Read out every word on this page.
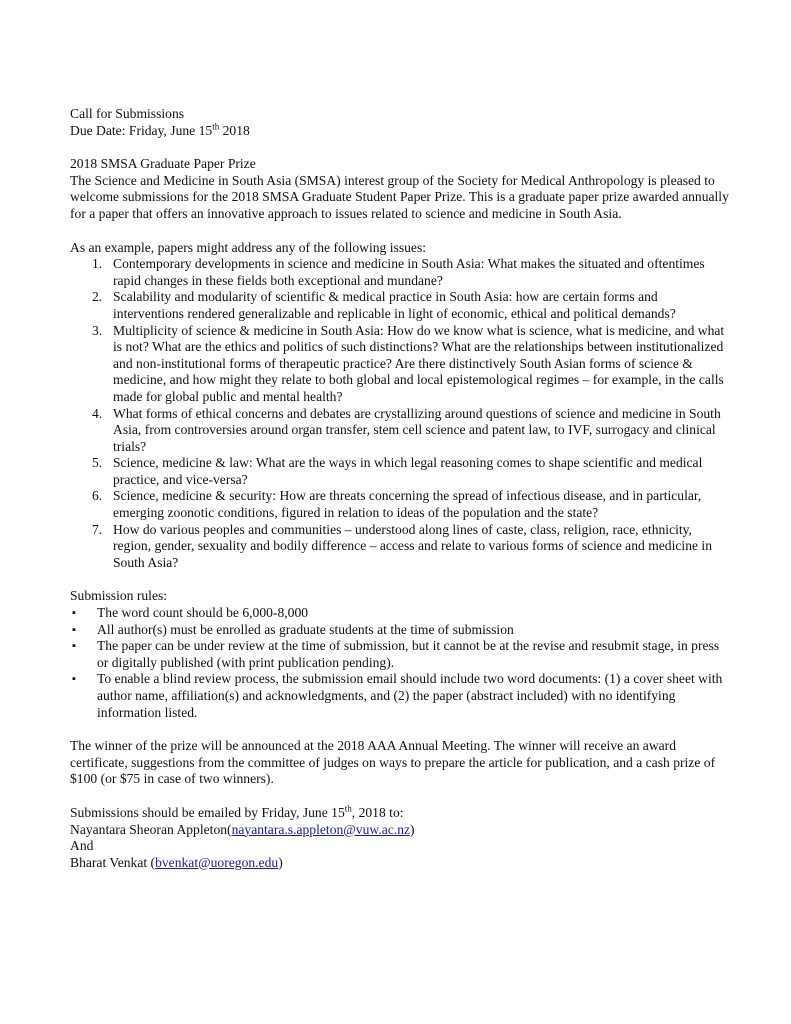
Call for Submissions

Due Date: Friday, June 15th 2018

2018 SMSA Graduate Paper Prize

The Science and Medicine in South Asia (SMSA) interest group of the Society for Medical Anthropology is pleased to welcome submissions for the 2018 SMSA Graduate Student Paper Prize. This is a graduate paper prize awarded annually for a paper that offers an innovative approach to issues related to science and medicine in South Asia.

As an example, papers might address any of the following issues:

1. Contemporary developments in science and medicine in South Asia: What makes the situated and oftentimes rapid changes in these fields both exceptional and mundane?
2. Scalability and modularity of scientific & medical practice in South Asia: how are certain forms and interventions rendered generalizable and replicable in light of economic, ethical and political demands?
3. Multiplicity of science & medicine in South Asia: How do we know what is science, what is medicine, and what is not? What are the ethics and politics of such distinctions? What are the relationships between institutionalized and non-institutional forms of therapeutic practice? Are there distinctively South Asian forms of science & medicine, and how might they relate to both global and local epistemological regimes – for example, in the calls made for global public and mental health?
4. What forms of ethical concerns and debates are crystallizing around questions of science and medicine in South Asia, from controversies around organ transfer, stem cell science and patent law, to IVF, surrogacy and clinical trials?
5. Science, medicine & law: What are the ways in which legal reasoning comes to shape scientific and medical practice, and vice-versa?
6. Science, medicine & security: How are threats concerning the spread of infectious disease, and in particular, emerging zoonotic conditions, figured in relation to ideas of the population and the state?
7. How do various peoples and communities – understood along lines of caste, class, religion, race, ethnicity, region, gender, sexuality and bodily difference – access and relate to various forms of science and medicine in South Asia?

Submission rules:

▪ The word count should be 6,000-8,000
▪ All author(s) must be enrolled as graduate students at the time of submission
▪ The paper can be under review at the time of submission, but it cannot be at the revise and resubmit stage, in press or digitally published (with print publication pending).
▪ To enable a blind review process, the submission email should include two word documents: (1) a cover sheet with author name, affiliation(s) and acknowledgments, and (2) the paper (abstract included) with no identifying information listed.

The winner of the prize will be announced at the 2018 AAA Annual Meeting. The winner will receive an award certificate, suggestions from the committee of judges on ways to prepare the article for publication, and a cash prize of $100 (or $75 in case of two winners).

Submissions should be emailed by Friday, June 15th, 2018 to:

Nayantara Sheoran Appleton(nayantara.s.appleton@vuw.ac.nz)

And

Bharat Venkat (bvenkat@uoregon.edu)
